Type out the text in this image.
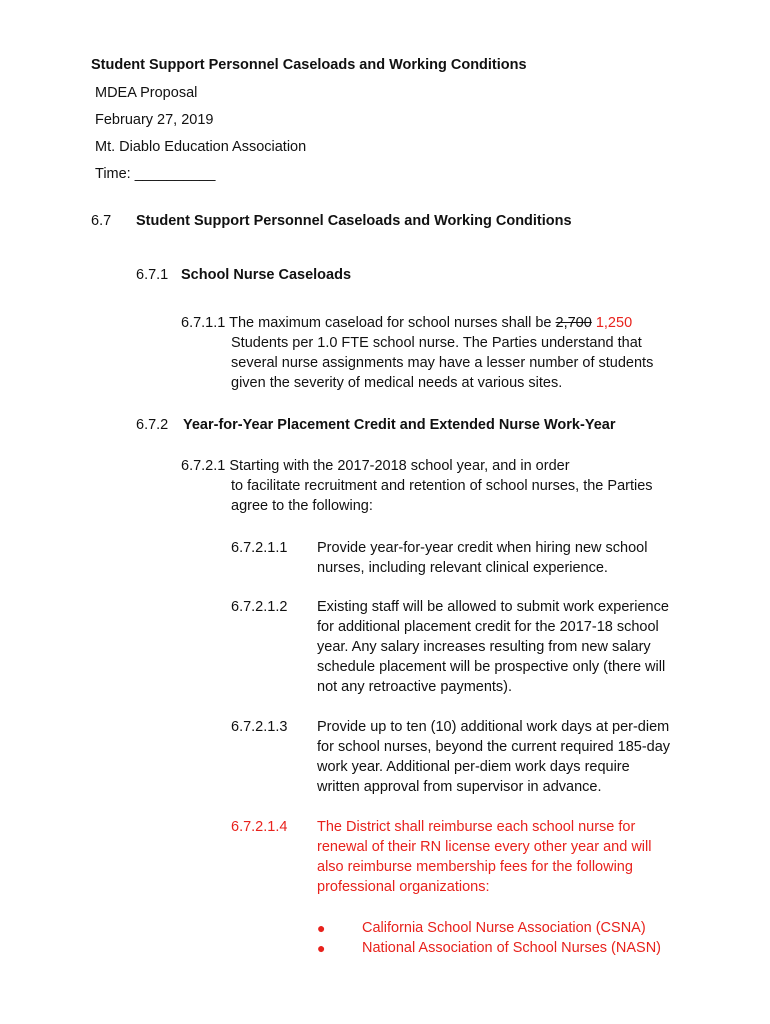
Student Support Personnel Caseloads and Working Conditions
MDEA Proposal
February 27, 2019
Mt. Diablo Education Association
Time: __________
6.7 Student Support Personnel Caseloads and Working Conditions
6.7.1 School Nurse Caseloads
6.7.1.1 The maximum caseload for school nurses shall be 2,700 1,250
Students per 1.0 FTE school nurse. The Parties understand that
several nurse assignments may have a lesser number of students
given the severity of medical needs at various sites.
6.7.2 Year-for-Year Placement Credit and Extended Nurse Work-Year
6.7.2.1 Starting with the 2017-2018 school year, and in order
to facilitate recruitment and retention of school nurses, the Parties
agree to the following:
6.7.2.1.1 Provide year-for-year credit when hiring new school
nurses, including relevant clinical experience.
6.7.2.1.2 Existing staff will be allowed to submit work experience
for additional placement credit for the 2017-18 school
year. Any salary increases resulting from new salary
schedule placement will be prospective only (there will
not any retroactive payments).
6.7.2.1.3 Provide up to ten (10) additional work days at per-diem
for school nurses, beyond the current required 185-day
work year. Additional per-diem work days require
written approval from supervisor in advance.
6.7.2.1.4 The District shall reimburse each school nurse for
renewal of their RN license every other year and will
also reimburse membership fees for the following
professional organizations:
●	California School Nurse Association (CSNA)
●	National Association of School Nurses (NASN)
